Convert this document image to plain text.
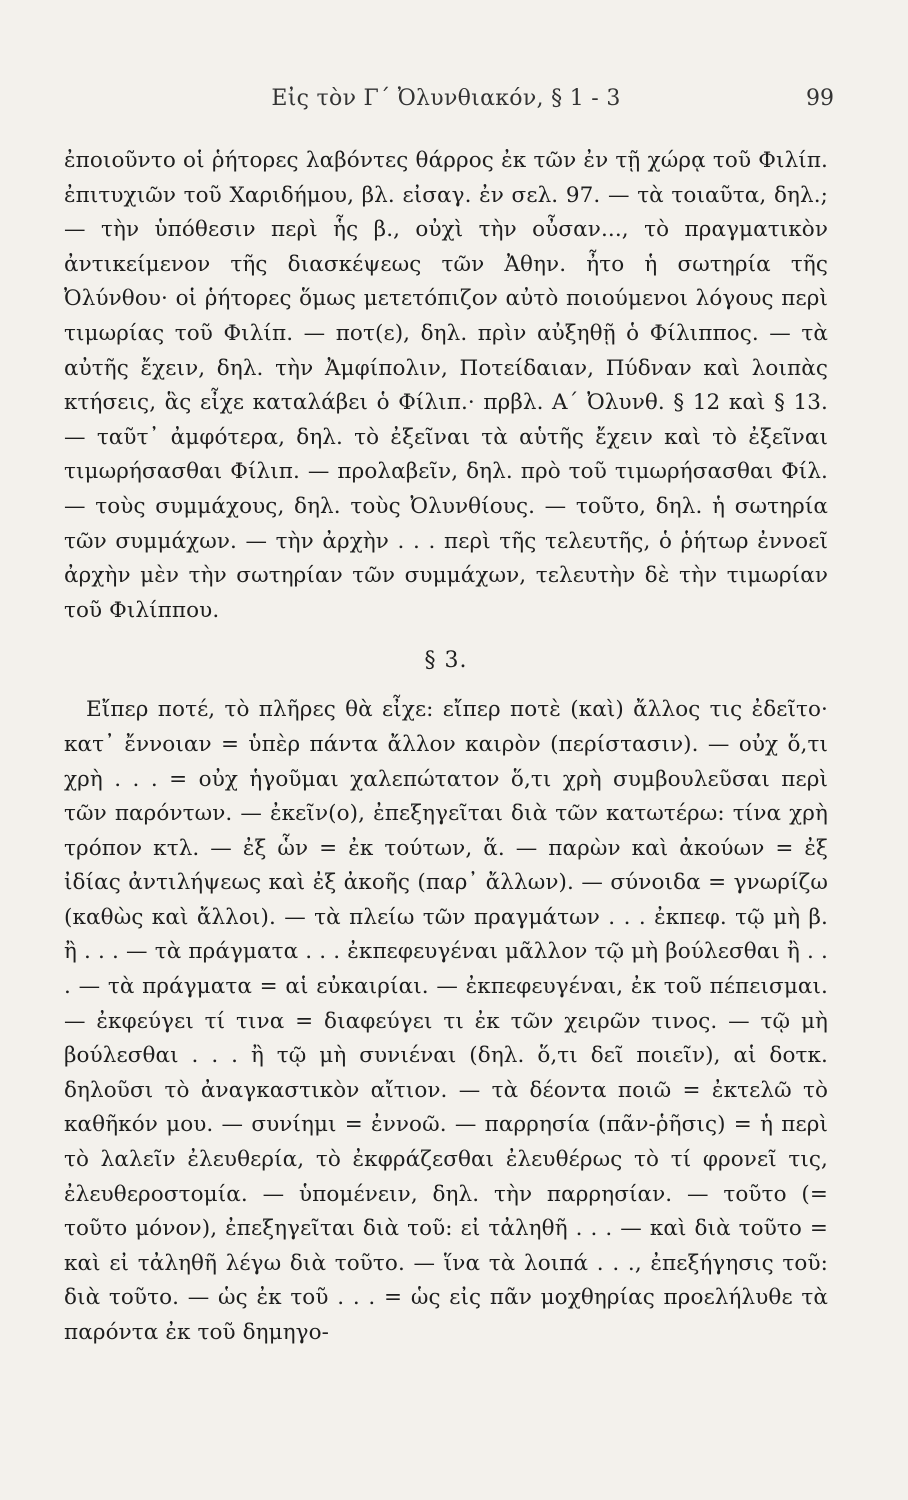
Εἰς τὸν Γ΄ Ὀλυνθιακόν, § 1 - 3	99

ἐποιοῦντο οἱ ῥήτορες λαβόντες θάρρος ἐκ τῶν ἐν τῇ χώρᾳ τοῦ Φιλίπ. ἐπιτυχιῶν τοῦ Χαριδήμου, βλ. εἰσαγ. ἐν σελ. 97. — τὰ τοιαῦτα, δηλ.; — τὴν ὑπόθεσιν περὶ ἧς β., οὐχὶ τὴν οὖσαν..., τὸ πραγματικὸν ἀντικείμενον τῆς διασκέψεως τῶν Ἀθην. ἦτο ἡ σωτηρία τῆς Ὀλύνθου· οἱ ῥήτορες ὅμως μετετόπιζον αὐτὸ ποιούμενοι λόγους περὶ τιμωρίας τοῦ Φιλίπ. — ποτ(ε), δηλ. πρὶν αὐξηθῇ ὁ Φίλιππος. — τὰ αὐτῆς ἔχειν, δηλ. τὴν Ἀμφίπολιν, Ποτείδαιαν, Πύδναν καὶ λοιπὰς κτήσεις, ἃς εἶχε καταλάβει ὁ Φίλιπ.· πρβλ. Α΄ Ὀλυνθ. § 12 καὶ § 13. — ταῦτ᾽ ἀμφότερα, δηλ. τὸ ἐξεῖναι τὰ αὑτῆς ἔχειν καὶ τὸ ἐξεῖναι τιμωρήσασθαι Φίλιπ. — προλαβεῖν, δηλ. πρὸ τοῦ τιμωρήσασθαι Φίλ. — τοὺς συμμάχους, δηλ. τοὺς Ὀλυνθίους. — τοῦτο, δηλ. ἡ σωτηρία τῶν συμμάχων. — τὴν ἀρχὴν . . . περὶ τῆς τελευτῆς, ὁ ῥήτωρ ἐννοεῖ ἀρχὴν μὲν τὴν σωτηρίαν τῶν συμμάχων, τελευτὴν δὲ τὴν τιμωρίαν τοῦ Φιλίππου.

§ 3.

Εἴπερ ποτέ, τὸ πλῆρες θὰ εἶχε: εἴπερ ποτὲ (καὶ) ἄλλος τις ἐδεῖτο· κατ᾽ ἔννοιαν = ὑπὲρ πάντα ἄλλον καιρὸν (περίστασιν). — οὐχ ὅ,τι χρὴ . . . = οὐχ ἡγοῦμαι χαλεπώτατον ὅ,τι χρὴ συμβουλεῦσαι περὶ τῶν παρόντων. — ἐκεῖν(ο), ἐπεξηγεῖται διὰ τῶν κατωτέρω: τίνα χρὴ τρόπον κτλ. — ἐξ ὧν = ἐκ τούτων, ἅ. — παρὼν καὶ ἀκούων = ἐξ ἰδίας ἀντιλήψεως καὶ ἐξ ἀκοῆς (παρ᾽ ἄλλων). — σύνοιδα = γνωρίζω (καθὼς καὶ ἄλλοι). — τὰ πλείω τῶν πραγμάτων . . . ἐκπεφ. τῷ μὴ β. ἢ . . . — τὰ πράγματα . . . ἐκπεφευγέναι μᾶλλον τῷ μὴ βούλεσθαι ἢ . . . — τὰ πράγματα = αἱ εὐκαιρίαι. — ἐκπεφευγέναι, ἐκ τοῦ πέπεισμαι. — ἐκφεύγει τί τινα = διαφεύγει τι ἐκ τῶν χειρῶν τινος. — τῷ μὴ βούλεσθαι . . . ἢ τῷ μὴ συνιέναι (δηλ. ὅ,τι δεῖ ποιεῖν), αἱ δοτκ. δηλοῦσι τὸ ἀναγκαστικὸν αἴτιον. — τὰ δέοντα ποιῶ = ἐκτελῶ τὸ καθῆκόν μου. — συνίημι = ἐννοῶ. — παρρησία (πᾶν-ῥῆσις) = ἡ περὶ τὸ λαλεῖν ἐλευθερία, τὸ ἐκφράζεσθαι ἐλευθέρως τὸ τί φρονεῖ τις, ἐλευθεροστομία. — ὑπομένειν, δηλ. τὴν παρρησίαν. — τοῦτο (= τοῦτο μόνον), ἐπεξηγεῖται διὰ τοῦ: εἰ τἀληθῆ . . . — καὶ διὰ τοῦτο = καὶ εἰ τἀληθῆ λέγω διὰ τοῦτο. — ἵνα τὰ λοιπά . . ., ἐπεξήγησις τοῦ: διὰ τοῦτο. — ὡς ἐκ τοῦ . . . = ὡς εἰς πᾶν μοχθηρίας προελήλυθε τὰ παρόντα ἐκ τοῦ δημηγο-
